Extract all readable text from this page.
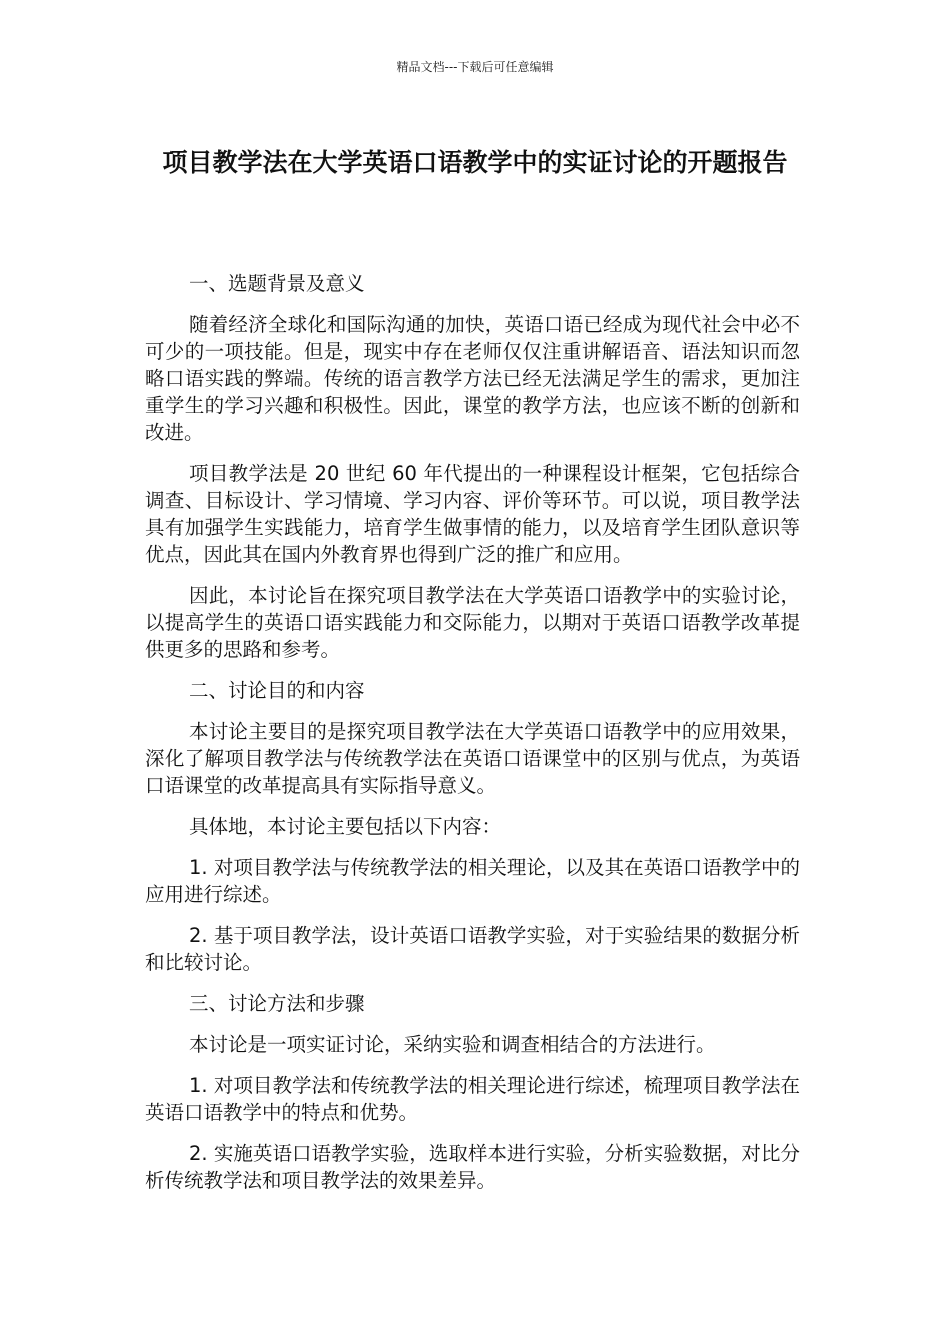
精品文档---下载后可任意编辑
项目教学法在大学英语口语教学中的实证讨论的开题报告

一、选题背景及意义

随着经济全球化和国际沟通的加快，英语口语已经成为现代社会中必不可少的一项技能。但是，现实中存在老师仅仅注重讲解语音、语法知识而忽略口语实践的弊端。传统的语言教学方法已经无法满足学生的需求，更加注重学生的学习兴趣和积极性。因此，课堂的教学方法，也应该不断的创新和改进。

项目教学法是 20 世纪 60 年代提出的一种课程设计框架，它包括综合调查、目标设计、学习情境、学习内容、评价等环节。可以说，项目教学法具有加强学生实践能力，培育学生做事情的能力，以及培育学生团队意识等优点，因此其在国内外教育界也得到广泛的推广和应用。

因此，本讨论旨在探究项目教学法在大学英语口语教学中的实验讨论，以提高学生的英语口语实践能力和交际能力，以期对于英语口语教学改革提供更多的思路和参考。

二、讨论目的和内容

本讨论主要目的是探究项目教学法在大学英语口语教学中的应用效果，深化了解项目教学法与传统教学法在英语口语课堂中的区别与优点，为英语口语课堂的改革提高具有实际指导意义。

具体地，本讨论主要包括以下内容：

1. 对项目教学法与传统教学法的相关理论，以及其在英语口语教学中的应用进行综述。

2. 基于项目教学法，设计英语口语教学实验，对于实验结果的数据分析和比较讨论。

三、讨论方法和步骤

本讨论是一项实证讨论，采纳实验和调查相结合的方法进行。

1. 对项目教学法和传统教学法的相关理论进行综述，梳理项目教学法在英语口语教学中的特点和优势。

2. 实施英语口语教学实验，选取样本进行实验，分析实验数据，对比分析传统教学法和项目教学法的效果差异。
